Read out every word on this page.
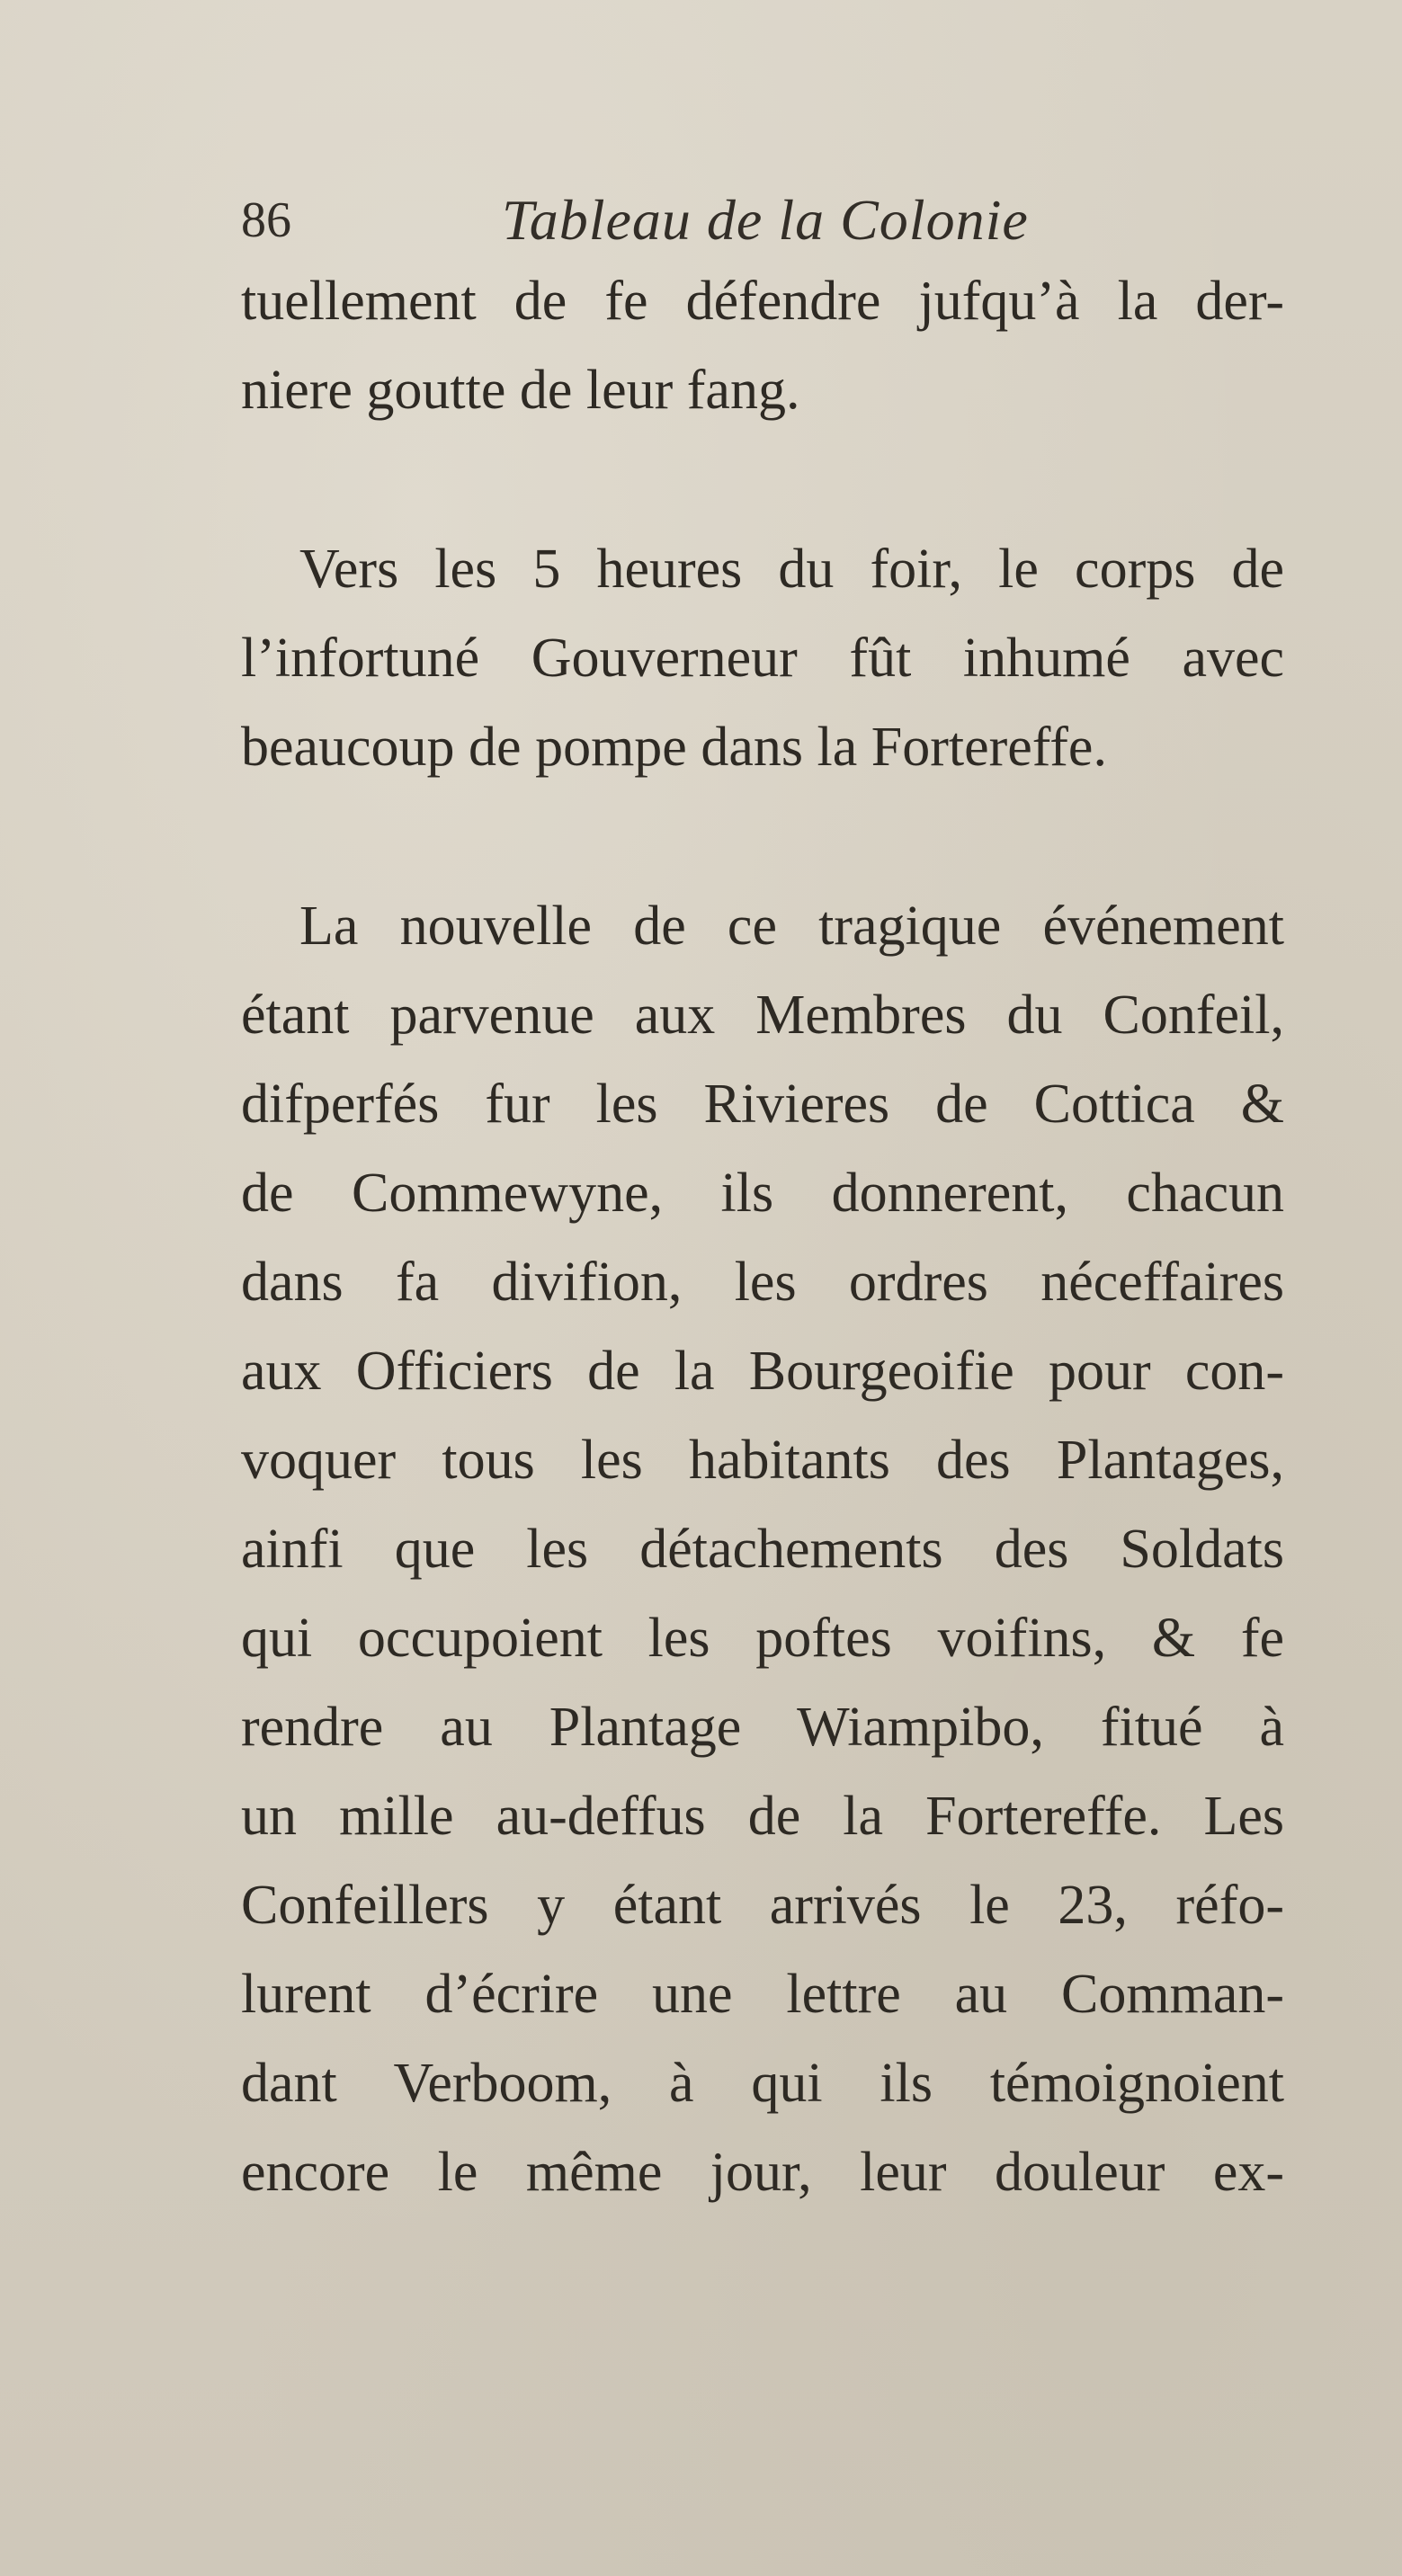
86	Tableau de la Colonie
tuellement de fe défendre jufqu’à la der-
niere goutte de leur fang.
Vers les 5 heures du foir, le corps de
l’infortuné Gouverneur fût inhumé avec
beaucoup de pompe dans la Fortereffe.
La nouvelle de ce tragique événement
étant parvenue aux Membres du Confeil,
difperfés fur les Rivieres de Cottica &
de Commewyne, ils donnerent, chacun
dans fa divifion, les ordres néceffaires
aux Officiers de la Bourgeoifie pour con-
voquer tous les habitants des Plantages,
ainfi que les détachements des Soldats
qui occupoient les poftes voifins, & fe
rendre au Plantage Wiampibo, fitué à
un mille au-deffus de la Fortereffe. Les
Confeillers y étant arrivés le 23, réfo-
lurent d’écrire une lettre au Comman-
dant Verboom, à qui ils témoignoient
encore le même jour, leur douleur ex-
